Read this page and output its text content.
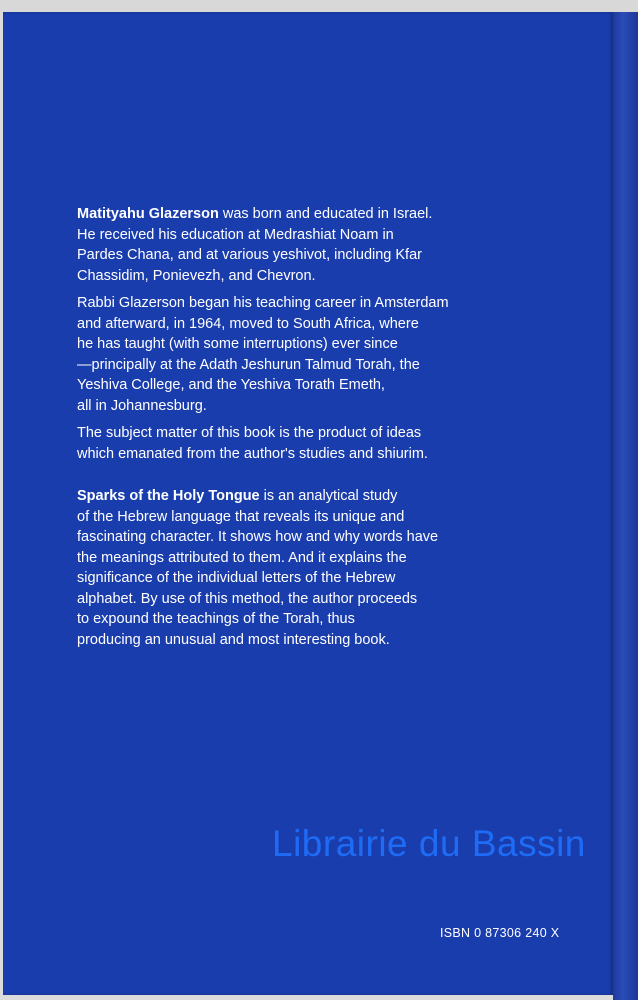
Matityahu Glazerson was born and educated in Israel.

He received his education at Medrashiat Noam in

Pardes Chana, and at various yeshivot, including Kfar

Chassidim, Ponievezh, and Chevron.

Rabbi Glazerson began his teaching career in Amsterdam

and afterward, in 1964, moved to South Africa, where

he has taught (with some interruptions) ever since

—principally at the Adath Jeshurun Talmud Torah, the

Yeshiva College, and the Yeshiva Torath Emeth,

all in Johannesburg.

The subject matter of this book is the product of ideas

which emanated from the author's studies and shiurim.

Sparks of the Holy Tongue is an analytical study

of the Hebrew language that reveals its unique and

fascinating character. It shows how and why words have

the meanings attributed to them. And it explains the

significance of the individual letters of the Hebrew

alphabet. By use of this method, the author proceeds

to expound the teachings of the Torah, thus

producing an unusual and most interesting book.

Librairie du Bassin
ISBN 0 87306 240 X
